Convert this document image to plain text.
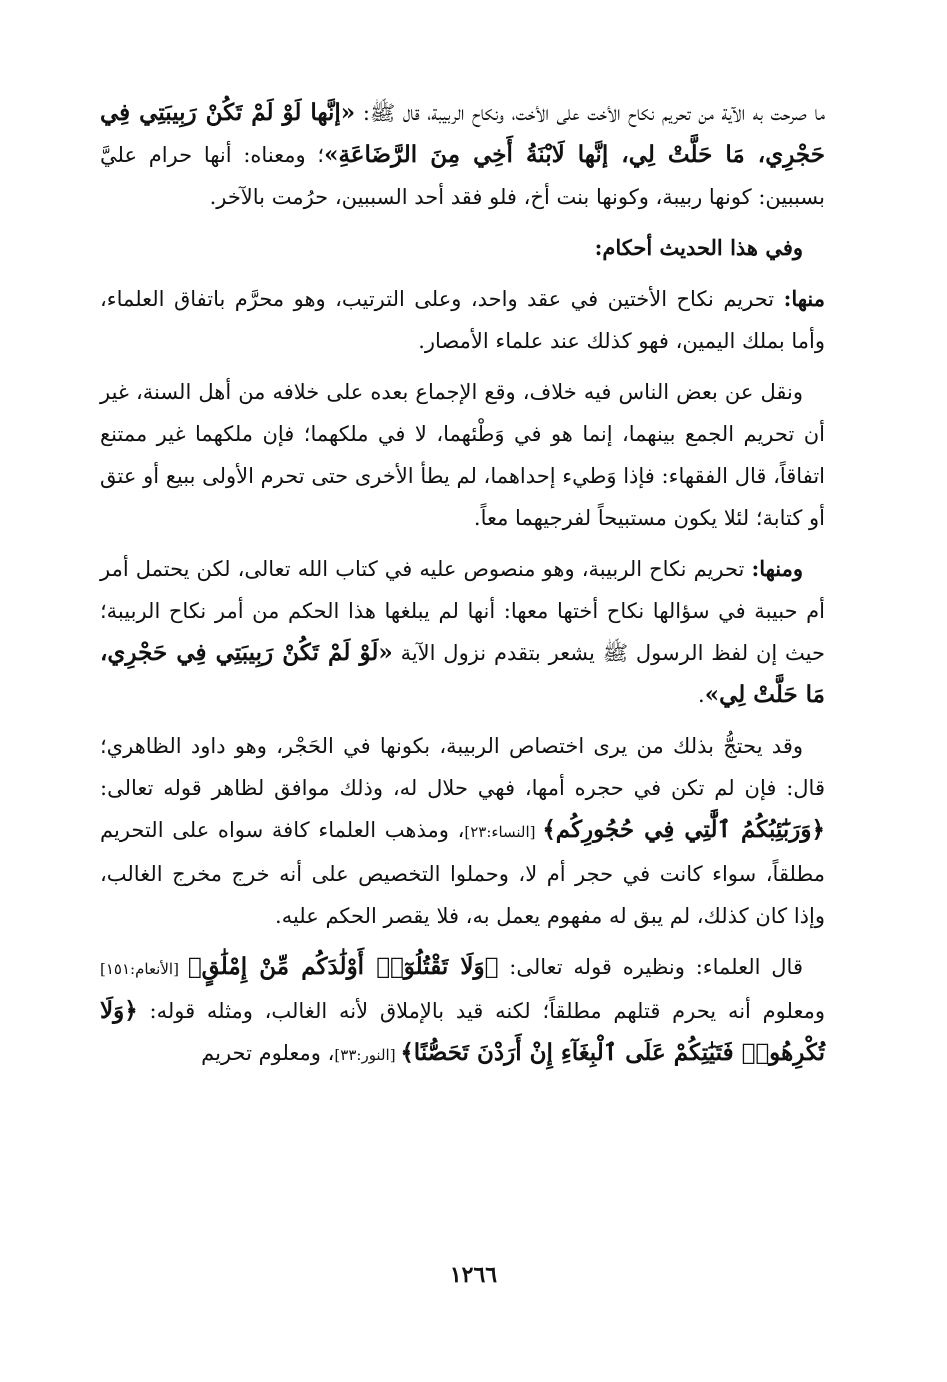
ما صرحت به الآية من تحريم نكاح الأخت على الأخت، ونكاح الربيبة، قال ﷺ: «إنَّها لَوْ لَمْ تَكُنْ رَبِيبَتِي فِي حَجْرِي، مَا حَلَّتْ لِي، إنَّها لَابْنَةُ أَخِي مِنَ الرَّضَاعَةِ»؛ ومعناه: أنها حرام عليَّ بسببين: كونها ربيبة، وكونها بنت أخ، فلو فقد أحد السببين، حرُمت بالآخر.

وفي هذا الحديث أحكام:

منها: تحريم نكاح الأختين في عقد واحد، وعلى الترتيب، وهو محرَّم باتفاق العلماء، وأما بملك اليمين، فهو كذلك عند علماء الأمصار.

ونقل عن بعض الناس فيه خلاف، وقع الإجماع بعده على خلافه من أهل السنة، غير أن تحريم الجمع بينهما، إنما هو في وَطْئهما، لا في ملكهما؛ فإن ملكهما غير ممتنع اتفاقاً، قال الفقهاء: فإذا وَطيء إحداهما، لم يطأ الأخرى حتى تحرم الأولى ببيع أو عتق أو كتابة؛ لئلا يكون مستبيحاً لفرجيهما معاً.

ومنها: تحريم نكاح الربيبة، وهو منصوص عليه في كتاب الله تعالى، لكن يحتمل أمر أم حبيبة في سؤالها نكاح أختها معها: أنها لم يبلغها هذا الحكم من أمر نكاح الربيبة؛ حيث إن لفظ الرسول ﷺ يشعر بتقدم نزول الآية «لَوْ لَمْ تَكُنْ رَبِيبَتِي فِي حَجْرِي، مَا حَلَّتْ لِي».

وقد يحتجُّ بذلك من يرى اختصاص الربيبة، بكونها في الحَجْر، وهو داود الظاهري؛ قال: فإن لم تكن في حجره أمها، فهي حلال له، وذلك موافق لظاهر قوله تعالى: ﴿وَرَبَٰٓئِبُكُمُ ٱلَّٰتِي فِي حُجُورِكُم﴾ [النساء:٢٣]، ومذهب العلماء كافة سواه على التحريم مطلقاً، سواء كانت في حجر أم لا، وحملوا التخصيص على أنه خرج مخرج الغالب، وإذا كان كذلك، لم يبق له مفهوم يعمل به، فلا يقصر الحكم عليه.

قال العلماء: ونظيره قوله تعالى: ﴿وَلَا تَقْتُلُوٓا۟ أَوْلَٰدَكُم مِّنْ إِمْلَٰقٍ﴾ [الأنعام:١٥١] ومعلوم أنه يحرم قتلهم مطلقاً؛ لكنه قيد بالإملاق لأنه الغالب، ومثله قوله: ﴿وَلَا تُكْرِهُوا۟ فَتَيَٰتِكُمْ عَلَى ٱلْبِغَآءِ إِنْ أَرَدْنَ تَحَصُّنًا﴾ [النور:٣٣]، ومعلوم تحريم

١٢٦٦
